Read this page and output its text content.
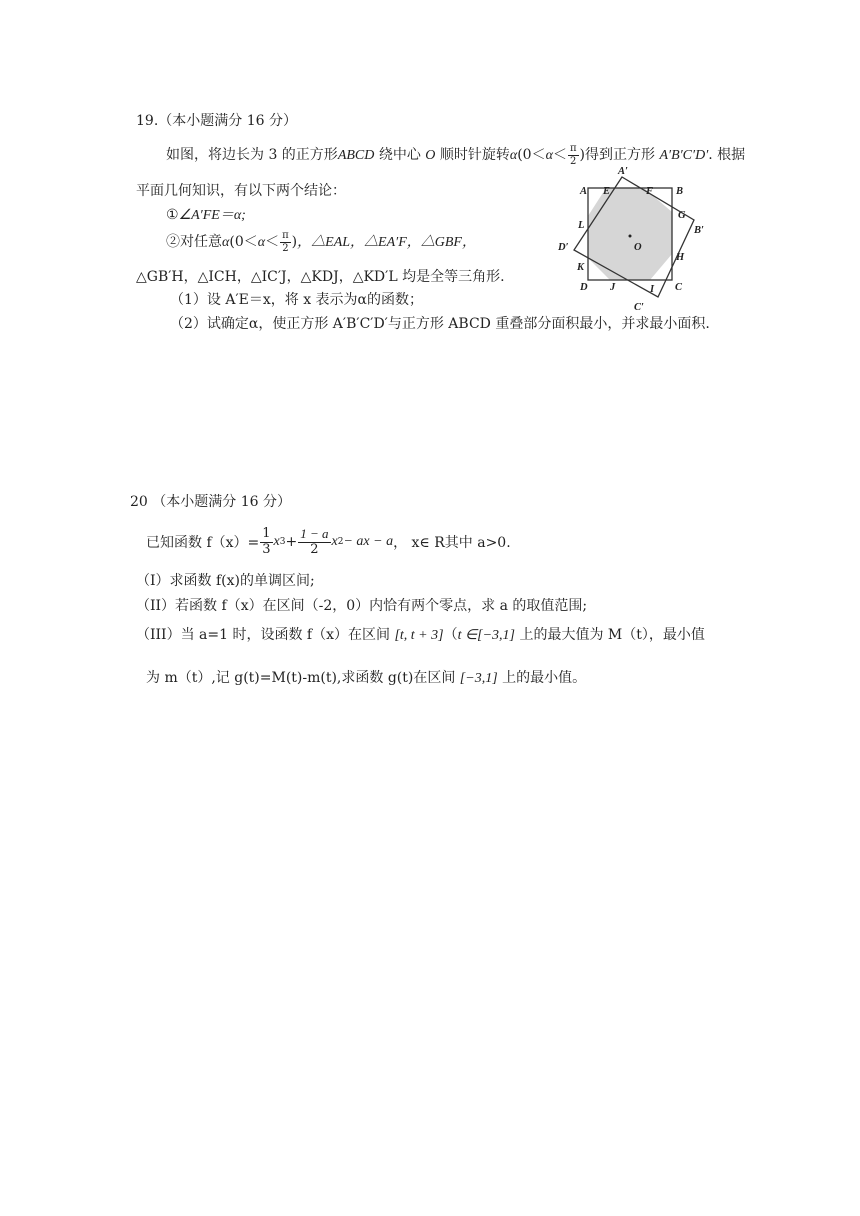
19.（本小题满分 16 分）
如图，将边长为 3 的正方形ABCD 绕中心 O 顺时针旋转$\alpha(0<\alpha< \frac{\pi}{2}$ )得到正方形 A′B′C′D′. 根据
平面几何知识，有以下两个结论：
①∠A′FE＝α;
②对任意$\alpha(0<\alpha< \frac{\pi}{2}$ )，△EAL，△EA′F，△GBF，
△GB′H，△ICH，△IC′J，△KDJ，△KD′L 均是全等三角形.
（1）设 A′E＝x，将 x 表示为α的函数；
（2）试确定α，使正方形 A′B′C′D′与正方形 ABCD 重叠部分面积最小，并求最小面积.
A′
A E	F B
G
B′
L
O
D′
H
K
D J	I C
C′
20 （本小题满分 16 分）
已知函数 $f(x)= \frac{1}{3}$ x $3 + \frac{1 - a}{2}$ x 2 − ax − a ， x∈ R其中 a>0.
（I）求函数 f(x)的单调区间;
（II）若函数 f（x）在区间（-2，0）内恰有两个零点，求 a 的取值范围;
（III）当 a=1 时，设函数 f（x）在区间 [t, t + 3]（t ∈[−3,1] 上的最大值为 M（t），最小值
为 m（t）,记 g(t)=M(t)-m(t),求函数 g(t)在区间 [−3,1] 上的最小值。
